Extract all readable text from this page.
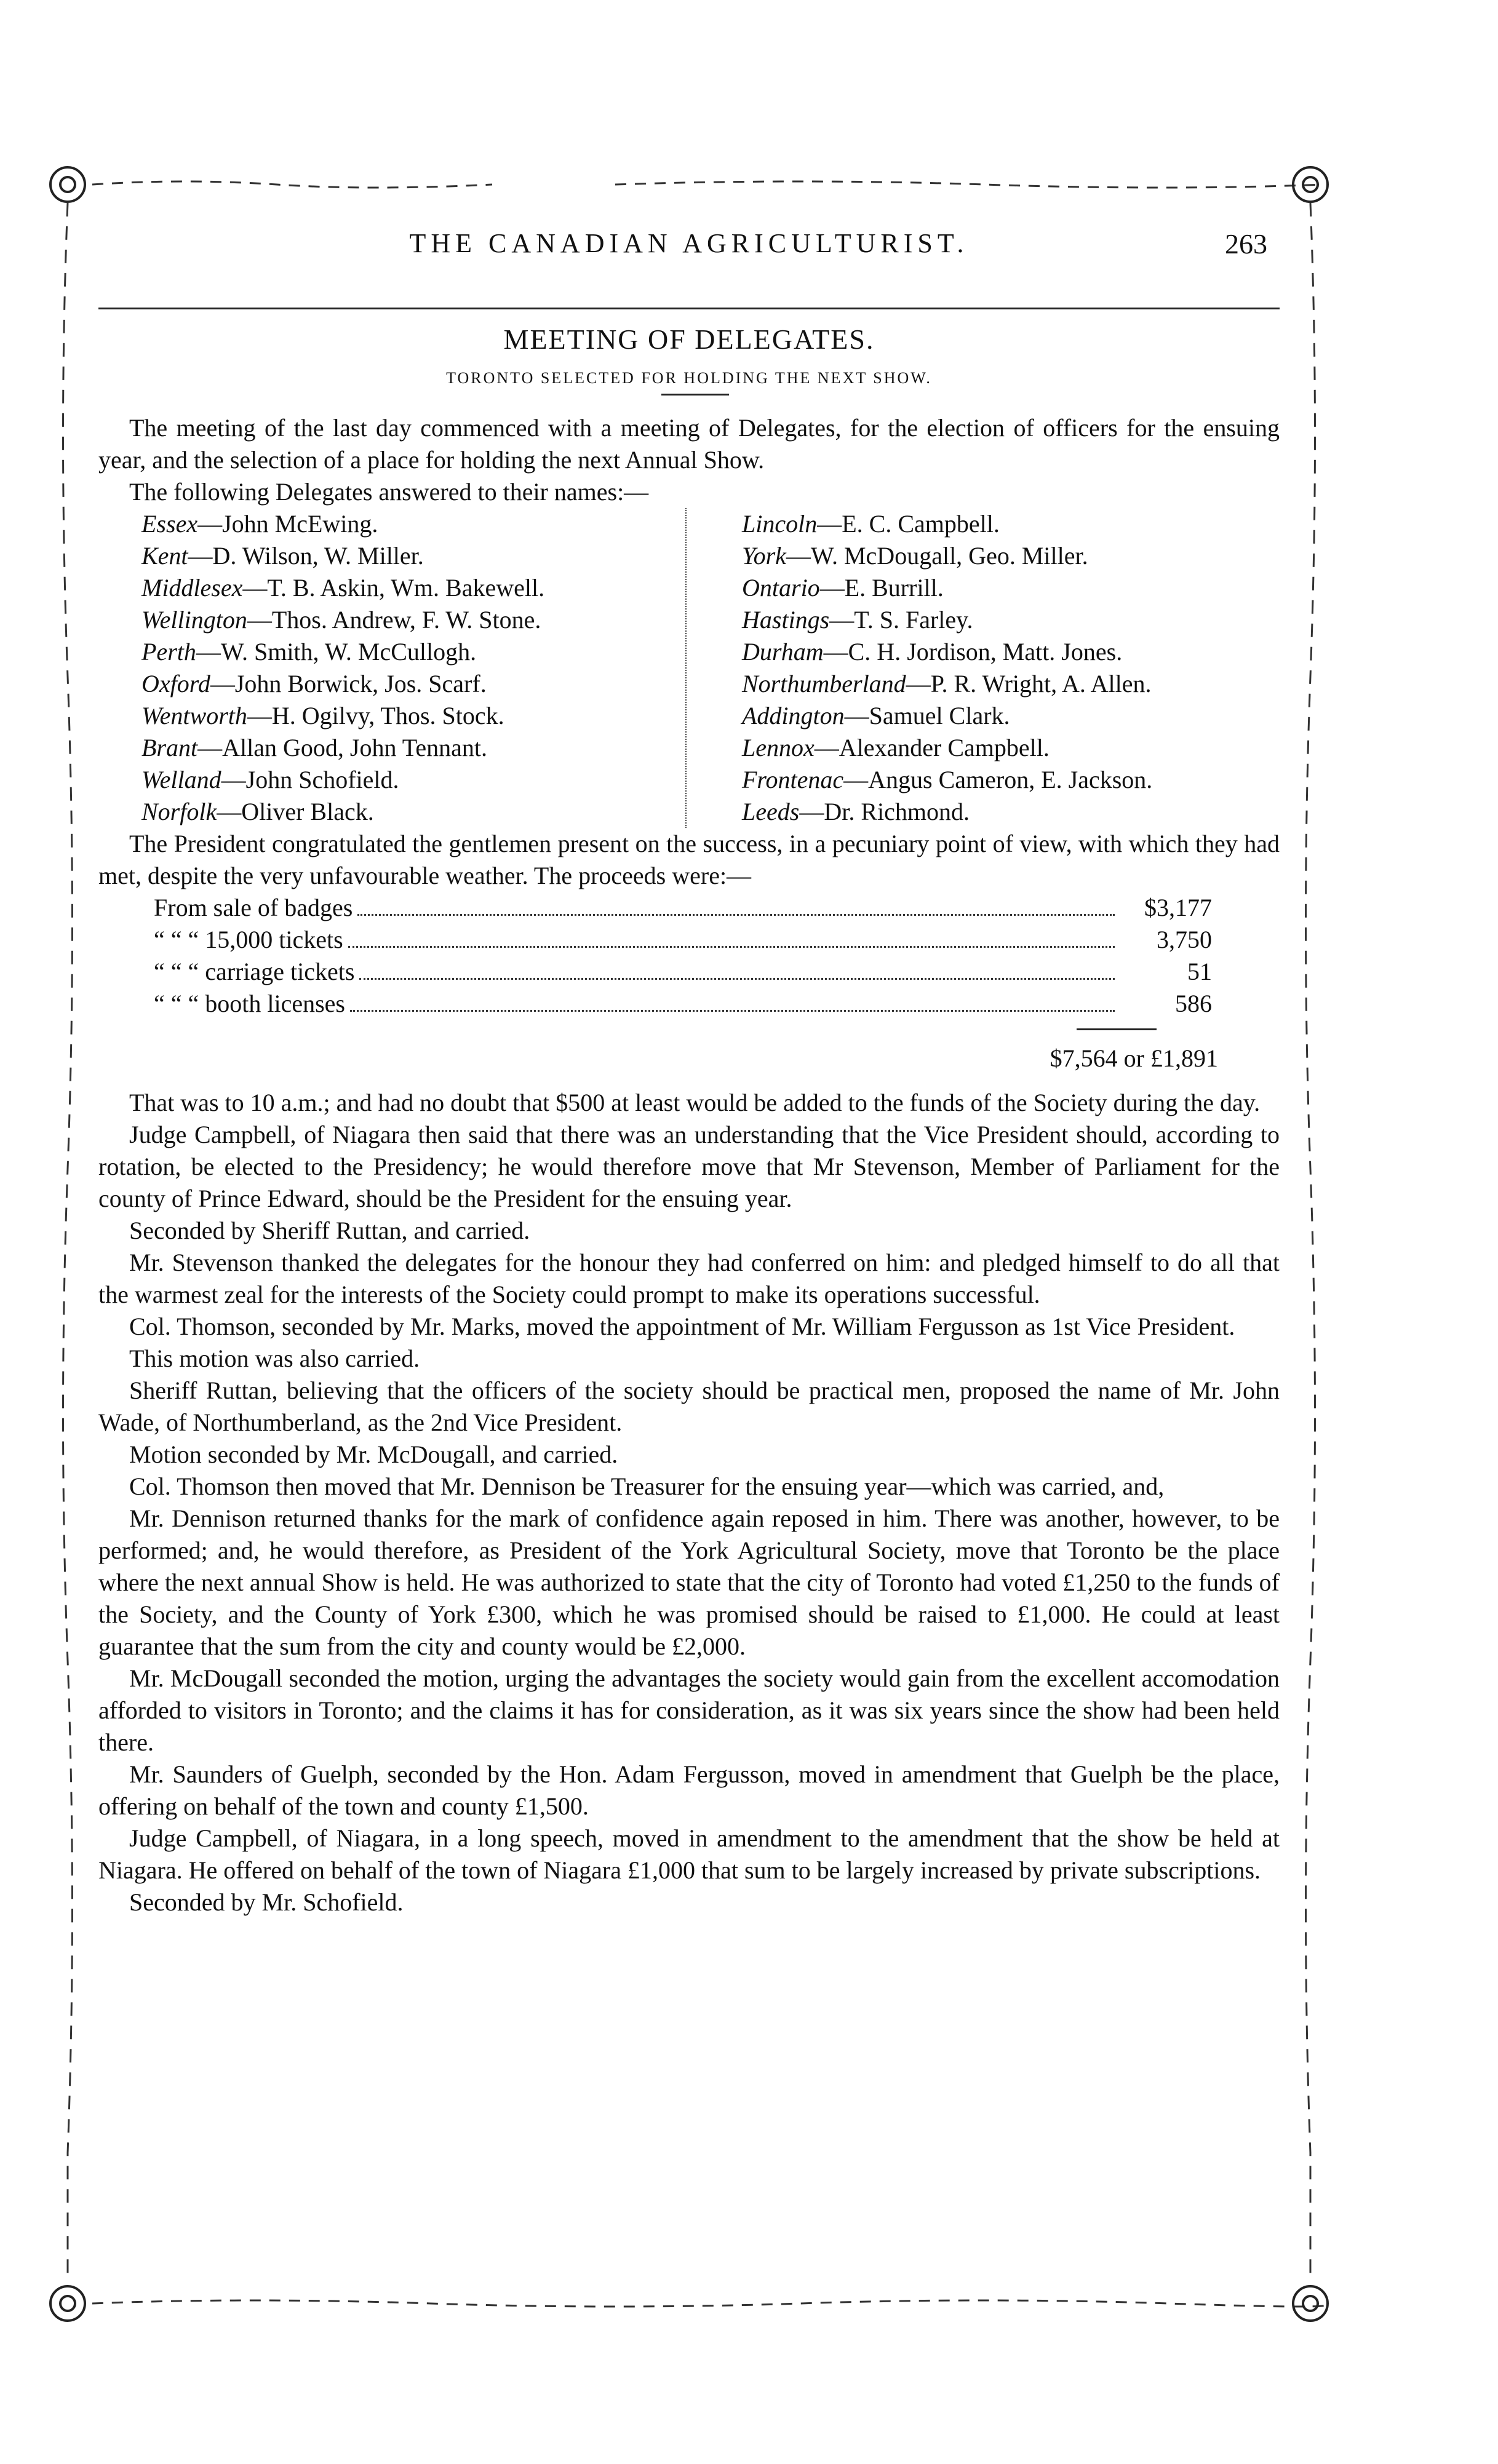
THE CANADIAN AGRICULTURIST.	263
MEETING OF DELEGATES.
TORONTO SELECTED FOR HOLDING THE NEXT SHOW.

The meeting of the last day commenced with a meeting of Delegates, for the election of officers for the ensuing year, and the selection of a place for holding the next Annual Show.

The following Delegates answered to their names:—

Essex—John McEwing.

Kent—D. Wilson, W. Miller.

Middlesex—T. B. Askin, Wm. Bakewell.

Wellington—Thos. Andrew, F. W. Stone.

Perth—W. Smith, W. McCullogh.

Oxford—John Borwick, Jos. Scarf.

Wentworth—H. Ogilvy, Thos. Stock.

Brant—Allan Good, John Tennant.

Welland—John Schofield.

Norfolk—Oliver Black.

Lincoln—E. C. Campbell.

York—W. McDougall, Geo. Miller.

Ontario—E. Burrill.

Hastings—T. S. Farley.

Durham—C. H. Jordison, Matt. Jones.

Northumberland—P. R. Wright, A. Allen.

Addington—Samuel Clark.

Lennox—Alexander Campbell.

Frontenac—Angus Cameron, E. Jackson.

Leeds—Dr. Richmond.

The President congratulated the gentlemen present on the success, in a pecuniary point of view, with which they had met, despite the very unfavourable weather. The proceeds were:—

From sale of badges	$3,177
“ “ “ 15,000 tickets	3,750
“ “ “ carriage tickets	51
“ “ “ booth licenses	586
$7,564 or £1,891

That was to 10 a.m.; and had no doubt that $500 at least would be added to the funds of the Society during the day.

Judge Campbell, of Niagara then said that there was an understanding that the Vice President should, according to rotation, be elected to the Presidency; he would therefore move that Mr Stevenson, Member of Parliament for the county of Prince Edward, should be the President for the ensuing year.

Seconded by Sheriff Ruttan, and carried.

Mr. Stevenson thanked the delegates for the honour they had conferred on him: and pledged himself to do all that the warmest zeal for the interests of the Society could prompt to make its operations successful.

Col. Thomson, seconded by Mr. Marks, moved the appointment of Mr. William Fergusson as 1st Vice President.

This motion was also carried.

Sheriff Ruttan, believing that the officers of the society should be practical men, proposed the name of Mr. John Wade, of Northumberland, as the 2nd Vice President.

Motion seconded by Mr. McDougall, and carried.

Col. Thomson then moved that Mr. Dennison be Treasurer for the ensuing year—which was carried, and,

Mr. Dennison returned thanks for the mark of confidence again reposed in him. There was another, however, to be performed; and, he would therefore, as President of the York Agricultural Society, move that Toronto be the place where the next annual Show is held. He was authorized to state that the city of Toronto had voted £1,250 to the funds of the Society, and the County of York £300, which he was promised should be raised to £1,000. He could at least guarantee that the sum from the city and county would be £2,000.

Mr. McDougall seconded the motion, urging the advantages the society would gain from the excellent accomodation afforded to visitors in Toronto; and the claims it has for consideration, as it was six years since the show had been held there.

Mr. Saunders of Guelph, seconded by the Hon. Adam Fergusson, moved in amendment that Guelph be the place, offering on behalf of the town and county £1,500.

Judge Campbell, of Niagara, in a long speech, moved in amendment to the amendment that the show be held at Niagara. He offered on behalf of the town of Niagara £1,000 that sum to be largely increased by private subscriptions.

Seconded by Mr. Schofield.
